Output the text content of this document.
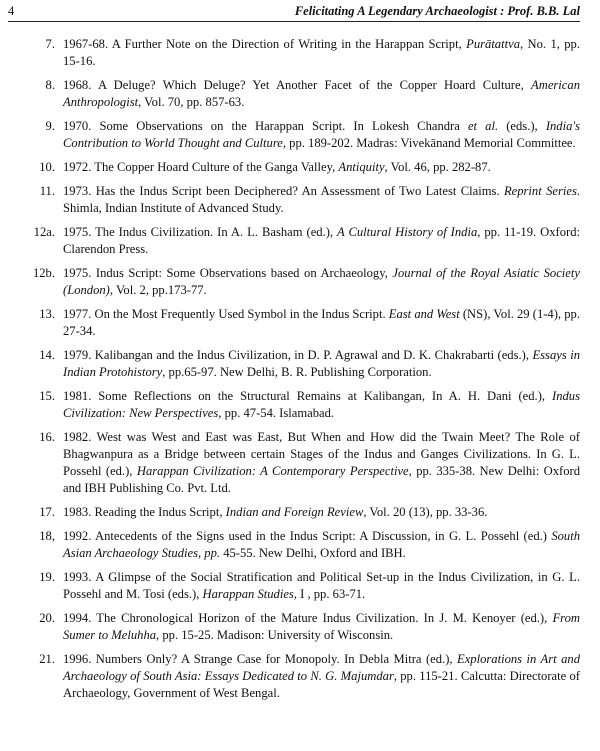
4	Felicitating A Legendary Archaeologist : Prof. B.B. Lal
7. 1967-68. A Further Note on the Direction of Writing in the Harappan Script, Purātattva, No. 1, pp. 15-16.
8. 1968. A Deluge? Which Deluge? Yet Another Facet of the Copper Hoard Culture, American Anthropologist, Vol. 70, pp. 857-63.
9. 1970. Some Observations on the Harappan Script. In Lokesh Chandra et al. (eds.), India's Contribution to World Thought and Culture, pp. 189-202. Madras: Vivekānand Memorial Committee.
10. 1972. The Copper Hoard Culture of the Ganga Valley, Antiquity, Vol. 46, pp. 282-87.
11. 1973. Has the Indus Script been Deciphered? An Assessment of Two Latest Claims. Reprint Series. Shimla, Indian Institute of Advanced Study.
12a. 1975. The Indus Civilization. In A. L. Basham (ed.), A Cultural History of India, pp. 11-19. Oxford: Clarendon Press.
12b. 1975. Indus Script: Some Observations based on Archaeology, Journal of the Royal Asiatic Society (London), Vol. 2, pp.173-77.
13. 1977. On the Most Frequently Used Symbol in the Indus Script. East and West (NS), Vol. 29 (1-4), pp. 27-34.
14. 1979. Kalibangan and the Indus Civilization, in D. P. Agrawal and D. K. Chakrabarti (eds.), Essays in Indian Protohistory, pp.65-97. New Delhi, B. R. Publishing Corporation.
15. 1981. Some Reflections on the Structural Remains at Kalibangan, In A. H. Dani (ed.), Indus Civilization: New Perspectives, pp. 47-54. Islamabad.
16. 1982. West was West and East was East, But When and How did the Twain Meet? The Role of Bhagwanpura as a Bridge between certain Stages of the Indus and Ganges Civilizations. In G. L. Possehl (ed.), Harappan Civilization: A Contemporary Perspective, pp. 335-38. New Delhi: Oxford and IBH Publishing Co. Pvt. Ltd.
17. 1983. Reading the Indus Script, Indian and Foreign Review, Vol. 20 (13), pp. 33-36.
18, 1992. Antecedents of the Signs used in the Indus Script: A Discussion, in G. L. Possehl (ed.) South Asian Archaeology Studies, pp. 45-55. New Delhi, Oxford and IBH.
19. 1993. A Glimpse of the Social Stratification and Political Set-up in the Indus Civilization, in G. L. Possehl and M. Tosi (eds.), Harappan Studies, I , pp. 63-71.
20. 1994. The Chronological Horizon of the Mature Indus Civilization. In J. M. Kenoyer (ed.), From Sumer to Meluhha, pp. 15-25. Madison: University of Wisconsin.
21. 1996. Numbers Only? A Strange Case for Monopoly. In Debla Mitra (ed.), Explorations in Art and Archaeology of South Asia: Essays Dedicated to N. G. Majumdar, pp. 115-21. Calcutta: Directorate of Archaeology, Government of West Bengal.
